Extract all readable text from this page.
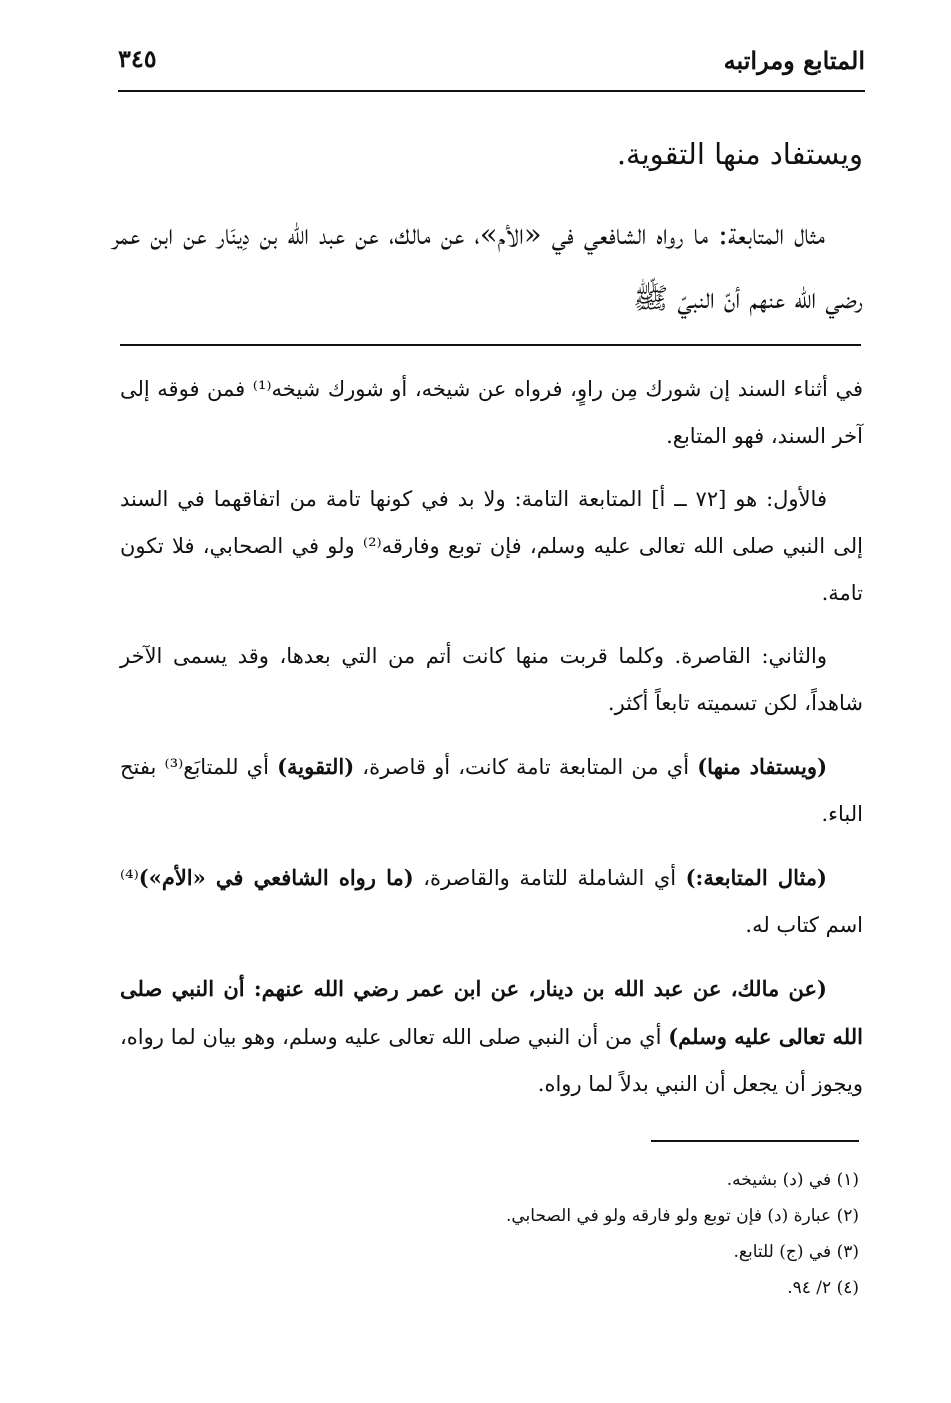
المتابع ومراتبه
٣٤٥

ويستفاد منها التقوية.

مثال المتابعة: ما رواه الشافعي في «الأم»، عن مالك، عن عبد الله بن دِينَار عن ابن عمر رضي الله عنهم أنّ النبيّ ﷺ

في أثناء السند إن شورك مِن راوٍ، فرواه عن شيخه، أو شورك شيخه⁽¹⁾ فمن فوقه إلى آخر السند، فهو المتابع.

فالأول: هو [٧٢ ــ أ] المتابعة التامة: ولا بد في كونها تامة من اتفاقهما في السند إلى النبي صلى الله تعالى عليه وسلم، فإن توبع وفارقه⁽²⁾ ولو في الصحابي، فلا تكون تامة.

والثاني: القاصرة. وكلما قربت منها كانت أتم من التي بعدها، وقد يسمى الآخر شاهداً، لكن تسميته تابعاً أكثر.

(ويستفاد منها) أي من المتابعة تامة كانت، أو قاصرة، (التقوية) أي للمتابَع⁽³⁾ بفتح الباء.

(مثال المتابعة:) أي الشاملة للتامة والقاصرة، (ما رواه الشافعي في «الأم»)⁽⁴⁾ اسم كتاب له.

(عن مالك، عن عبد الله بن دينار، عن ابن عمر رضي الله عنهم: أن النبي صلى الله تعالى عليه وسلم) أي من أن النبي صلى الله تعالى عليه وسلم، وهو بيان لما رواه، ويجوز أن يجعل أن النبي بدلاً لما رواه.

(١) في (د) بشيخه.
(٢) عبارة (د) فإن توبع ولو فارقه ولو في الصحابي.
(٣) في (ج) للتابع.
(٤) ٢/ ٩٤.
